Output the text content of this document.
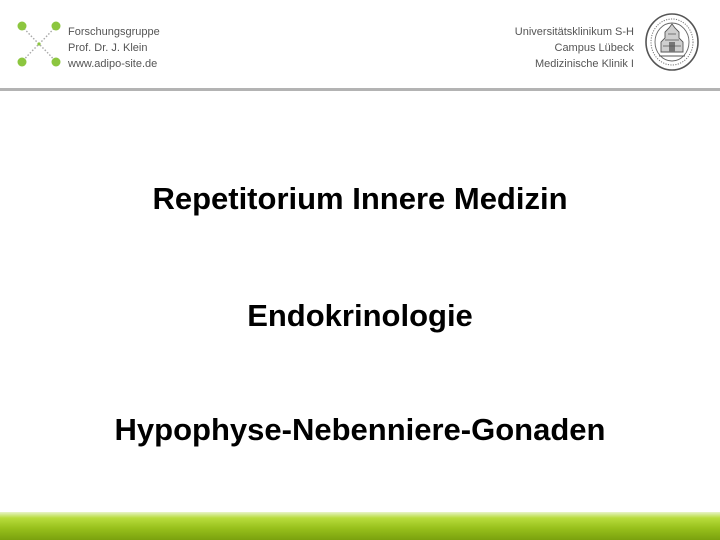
Forschungsgruppe
Prof. Dr. J. Klein
www.adipo-site.de
Universitätsklinikum S-H
Campus Lübeck
Medizinische Klinik I
Repetitorium Innere Medizin
Endokrinologie
Hypophyse-Nebenniere-Gonaden
